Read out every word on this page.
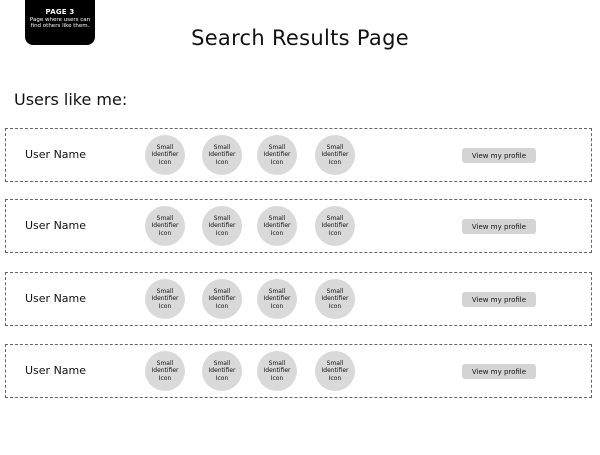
PAGE 3
Page where users can find others like them.	Search Results Page
Users like me:
User Name
Small Identifier Icon
Small Identifier Icon
Small Identifier Icon
Small Identifier Icon
View my profile
User Name
Small Identifier Icon
Small Identifier Icon
Small Identifier Icon
Small Identifier Icon
View my profile
User Name
Small Identifier Icon
Small Identifier Icon
Small Identifier Icon
Small Identifier Icon
View my profile
User Name
Small Identifier Icon
Small Identifier Icon
Small Identifier Icon
Small Identifier Icon
View my profile
